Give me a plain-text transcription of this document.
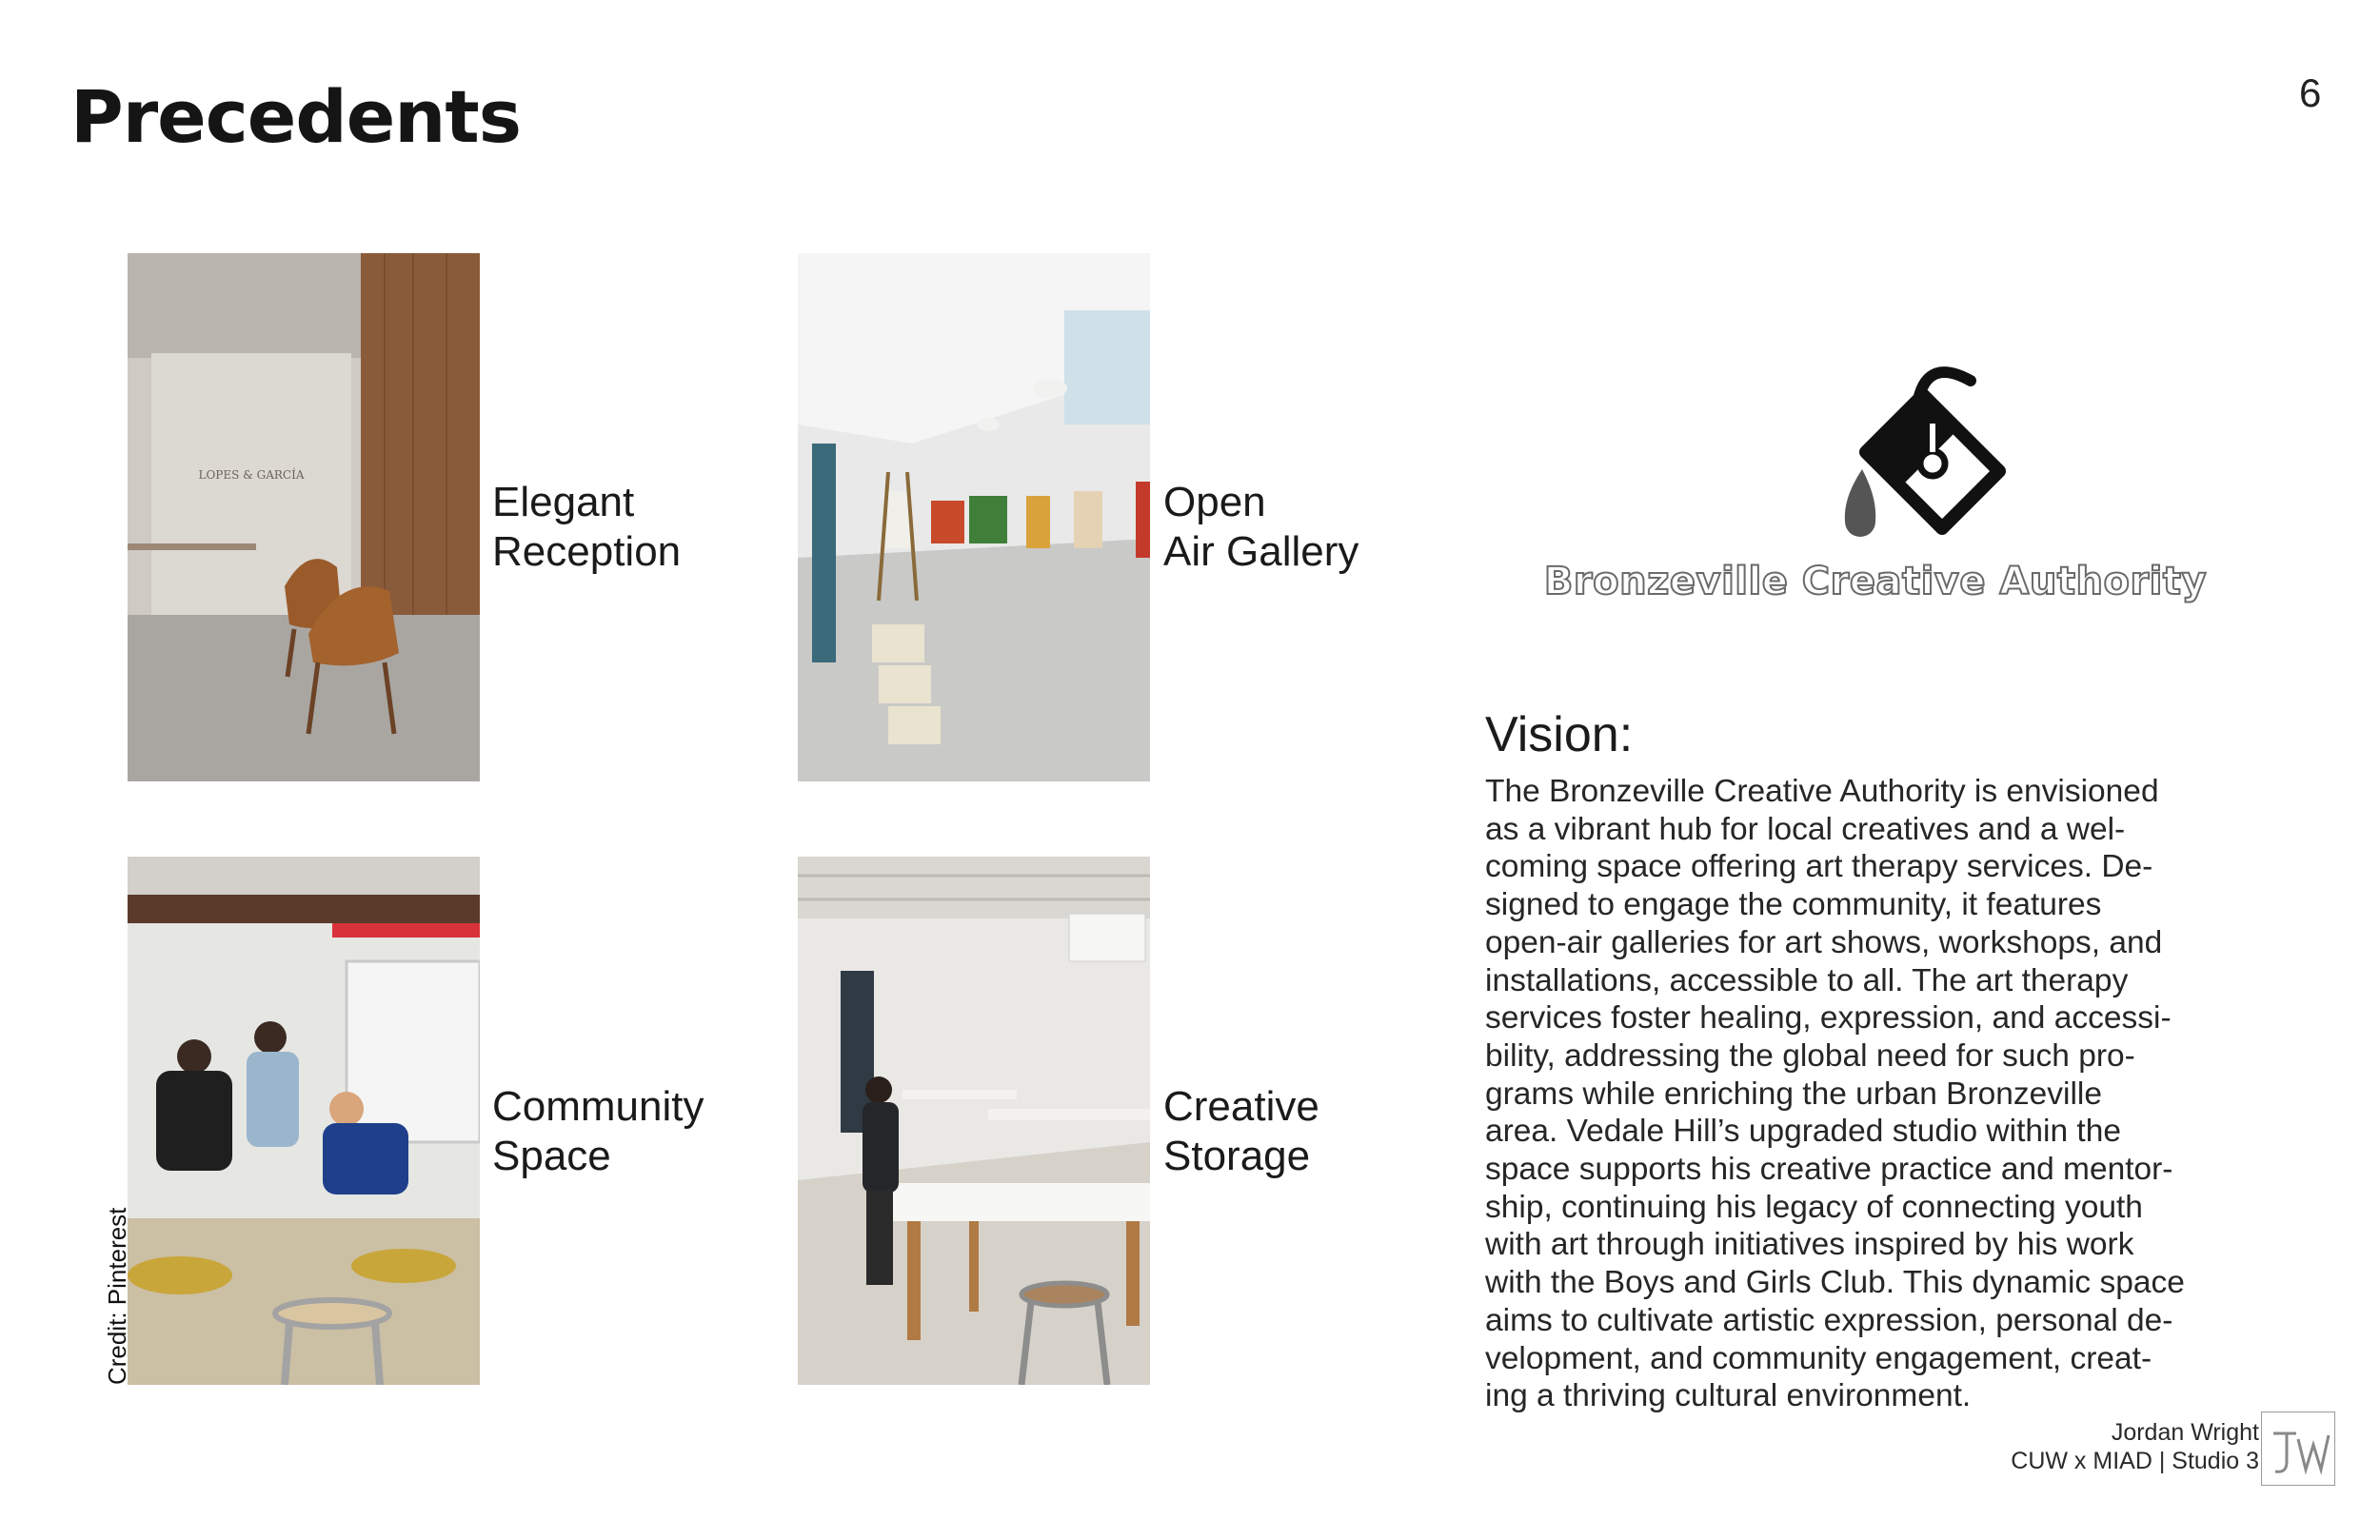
Precedents	6
LOPES & GARCÍA
Elegant
Reception
Open
Air Gallery
Community
Space
Credit: Pinterest
Creative
Storage
Bronzeville Creative Authority
Vision:

The Bronzeville Creative Authority is envisioned
as a vibrant hub for local creatives and a wel-
coming space offering art therapy services. De-
signed to engage the community, it features
open-air galleries for art shows, workshops, and
installations, accessible to all. The art therapy
services foster healing, expression, and accessi-
bility, addressing the global need for such pro-
grams while enriching the urban Bronzeville
area. Vedale Hill’s upgraded studio within the
space supports his creative practice and mentor-
ship, continuing his legacy of connecting youth
with art through initiatives inspired by his work
with the Boys and Girls Club. This dynamic space
aims to cultivate artistic expression, personal de-
velopment, and community engagement, creat-
ing a thriving cultural environment.

Jordan Wright
CUW x MIAD | Studio 3
